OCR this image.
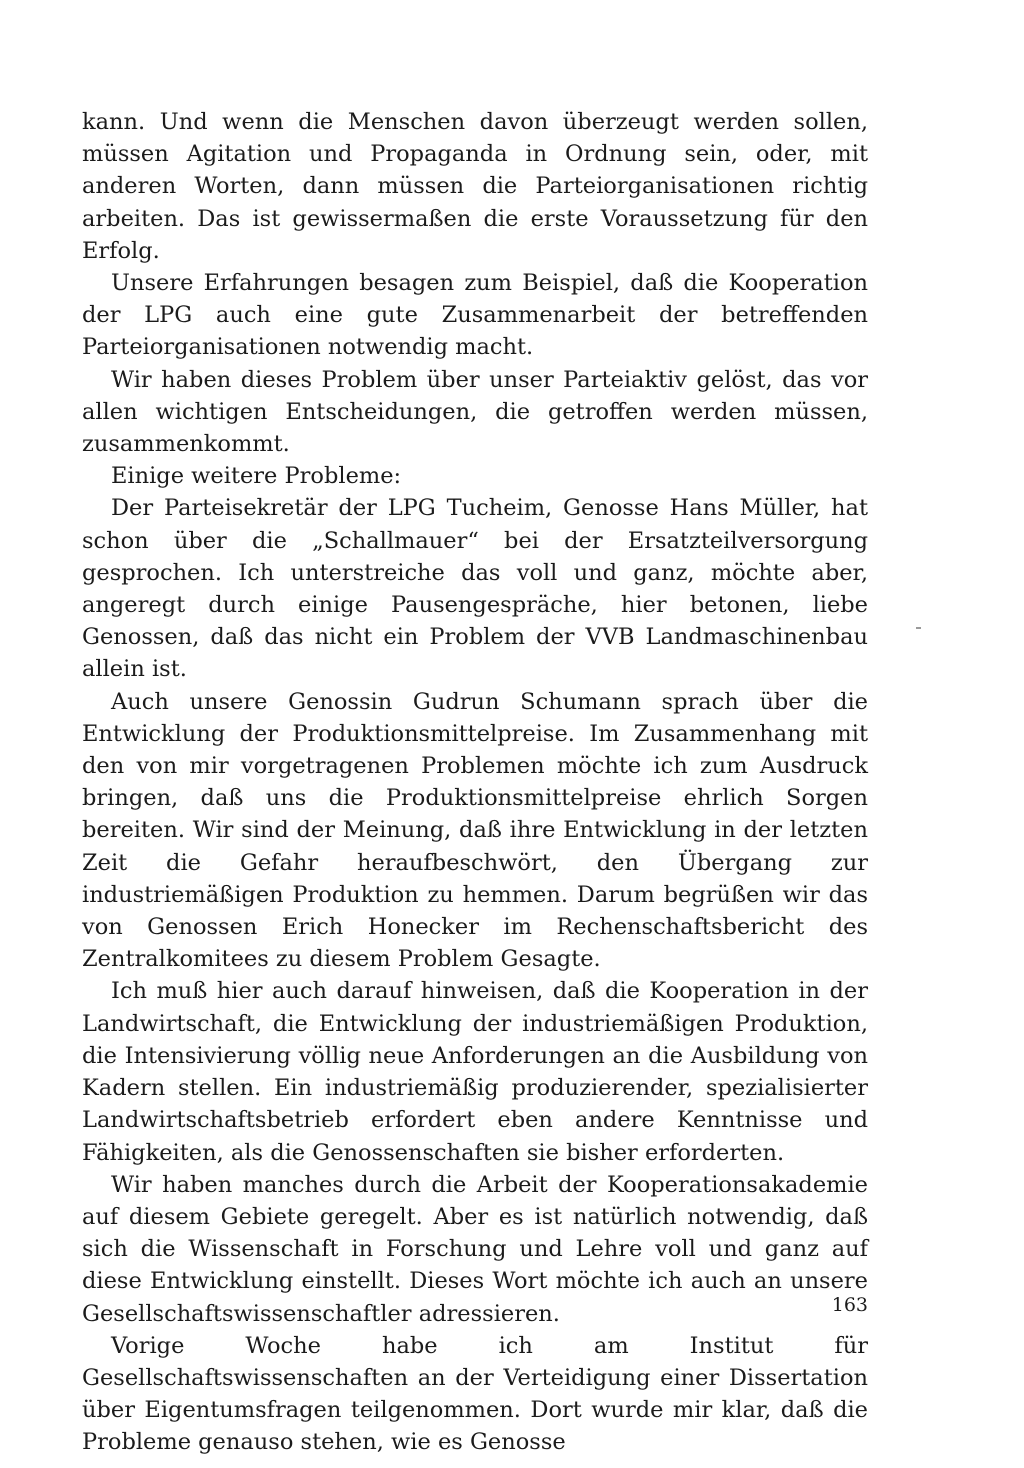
kann. Und wenn die Menschen davon überzeugt werden sollen, müssen Agitation und Propaganda in Ordnung sein, oder, mit anderen Worten, dann müssen die Parteiorganisationen richtig arbeiten. Das ist gewissermaßen die erste Voraussetzung für den Erfolg.

Unsere Erfahrungen besagen zum Beispiel, daß die Kooperation der LPG auch eine gute Zusammenarbeit der betreffenden Parteiorganisationen notwendig macht.

Wir haben dieses Problem über unser Parteiaktiv gelöst, das vor allen wichtigen Entscheidungen, die getroffen werden müssen, zusammenkommt.

Einige weitere Probleme:

Der Parteisekretär der LPG Tucheim, Genosse Hans Müller, hat schon über die „Schallmauer“ bei der Ersatzteilversorgung gesprochen. Ich unterstreiche das voll und ganz, möchte aber, angeregt durch einige Pausengespräche, hier betonen, liebe Genossen, daß das nicht ein Problem der VVB Landmaschinenbau allein ist.

Auch unsere Genossin Gudrun Schumann sprach über die Entwicklung der Produktionsmittelpreise. Im Zusammenhang mit den von mir vorgetragenen Problemen möchte ich zum Ausdruck bringen, daß uns die Produktionsmittelpreise ehrlich Sorgen bereiten. Wir sind der Meinung, daß ihre Entwicklung in der letzten Zeit die Gefahr heraufbeschwört, den Übergang zur industriemäßigen Produktion zu hemmen. Darum begrüßen wir das von Genossen Erich Honecker im Rechenschaftsbericht des Zentralkomitees zu diesem Problem Gesagte.

Ich muß hier auch darauf hinweisen, daß die Kooperation in der Landwirtschaft, die Entwicklung der industriemäßigen Produktion, die Intensivierung völlig neue Anforderungen an die Ausbildung von Kadern stellen. Ein industriemäßig produzierender, spezialisierter Landwirtschaftsbetrieb erfordert eben andere Kenntnisse und Fähigkeiten, als die Genossenschaften sie bisher erforderten.

Wir haben manches durch die Arbeit der Kooperationsakademie auf diesem Gebiete geregelt. Aber es ist natürlich notwendig, daß sich die Wissenschaft in Forschung und Lehre voll und ganz auf diese Entwicklung einstellt. Dieses Wort möchte ich auch an unsere Gesellschaftswissenschaftler adressieren.

Vorige Woche habe ich am Institut für Gesellschaftswissenschaften an der Verteidigung einer Dissertation über Eigentumsfragen teilgenommen. Dort wurde mir klar, daß die Probleme genauso stehen, wie es Genosse

163
